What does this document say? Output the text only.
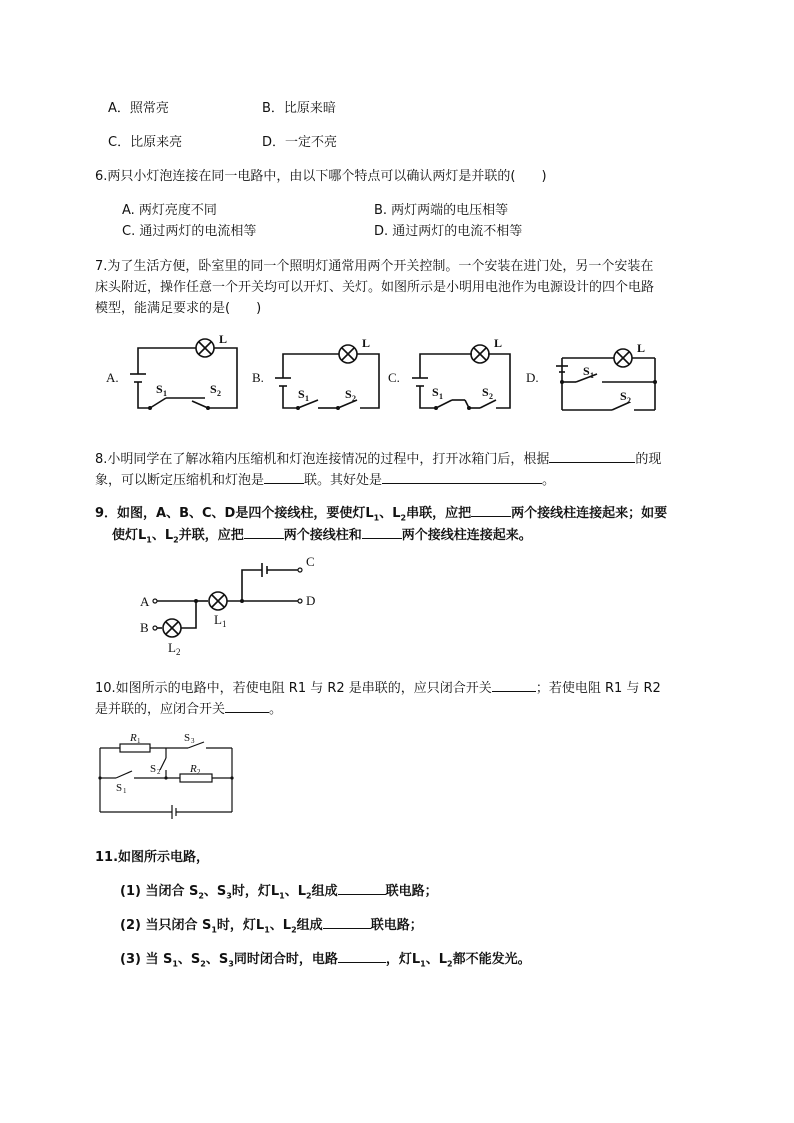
A．照常亮	B．比原来暗
C．比原来亮	D．一定不亮
6.两只小灯泡连接在同一电路中，由以下哪个特点可以确认两灯是并联的(　　)
A. 两灯亮度不同	B. 两灯两端的电压相等
C. 通过两灯的电流相等	D. 通过两灯的电流不相等
7.为了生活方便，卧室里的同一个照明灯通常用两个开关控制。一个安装在进门处，另一个安装在
床头附近，操作任意一个开关均可以开灯、关灯。如图所示是小明用电池作为电源设计的四个电路
模型，能满足要求的是(　　)
A.
L
S 1	S 2
B.
L
S 1	S 2
C.
L
S 1	S 2
D.
L
S 1
S 2
8.小明同学在了解冰箱内压缩机和灯泡连接情况的过程中，打开冰箱门后，根据	的现
象，可以断定压缩机和灯泡是	联。其好处是	。
9．如图，A、B、C、D是四个接线柱，要使灯$L_1$、$L_2$串联，应把	两个接线柱连接起来；如要
使灯$L_1$、$L_2$并联，应把	两个接线柱和	两个接线柱连接起来。
A
B
C
D
L 1
L 2
10.如图所示的电路中，若使电阻 R1 与 R2 是串联的，应只闭合开关	；若使电阻 R1 与 R2
是并联的，应闭合开关	。
R 1
R 2
S 3
S 2
S 1
11.如图所示电路，
(1) 当闭合 $S_2$、$S_3$时，灯$L_1$、$L_2$组成	联电路；
(2) 当只闭合 $S_1$时，灯$L_1$、$L_2$组成	联电路；
(3) 当 $S_1$、$S_2$、$S_3$同时闭合时，电路	，灯$L_1$、$L_2$都不能发光。
